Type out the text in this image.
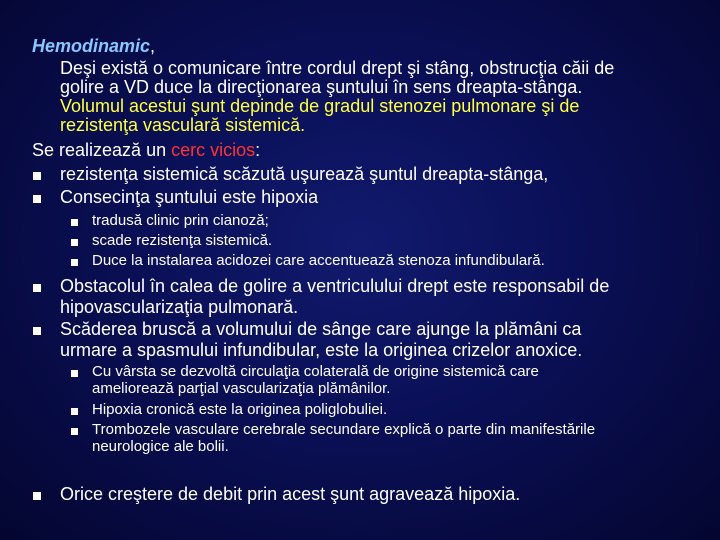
Hemodinamic,

Deşi există o comunicare între cordul drept şi stâng, obstrucţia căii de

golire a VD duce la direcţionarea şuntului în sens dreapta-stânga.

Volumul acestui şunt depinde de gradul stenozei pulmonare şi de

rezistenţa vasculară sistemică.

Se realizează un cerc vicios:

rezistenţa sistemică scăzută uşurează şuntul dreapta-stânga,

Consecinţa şuntului este hipoxia

tradusă clinic prin cianoză;

scade rezistenţa sistemică.

Duce la instalarea acidozei care accentuează stenoza infundibulară.

Obstacolul în calea de golire a ventriculului drept este responsabil de

hipovascularizaţia pulmonară.

Scăderea bruscă a volumului de sânge care ajunge la plămâni ca

urmare a spasmului infundibular, este la originea crizelor anoxice.

Cu vârsta se dezvoltă circulaţia colaterală de origine sistemică care

ameliorează parţial vascularizaţia plămânilor.

Hipoxia cronică este la originea poliglobuliei.

Trombozele vasculare cerebrale secundare explică o parte din manifestările

neurologice ale bolii.

Orice creştere de debit prin acest şunt agravează hipoxia.
